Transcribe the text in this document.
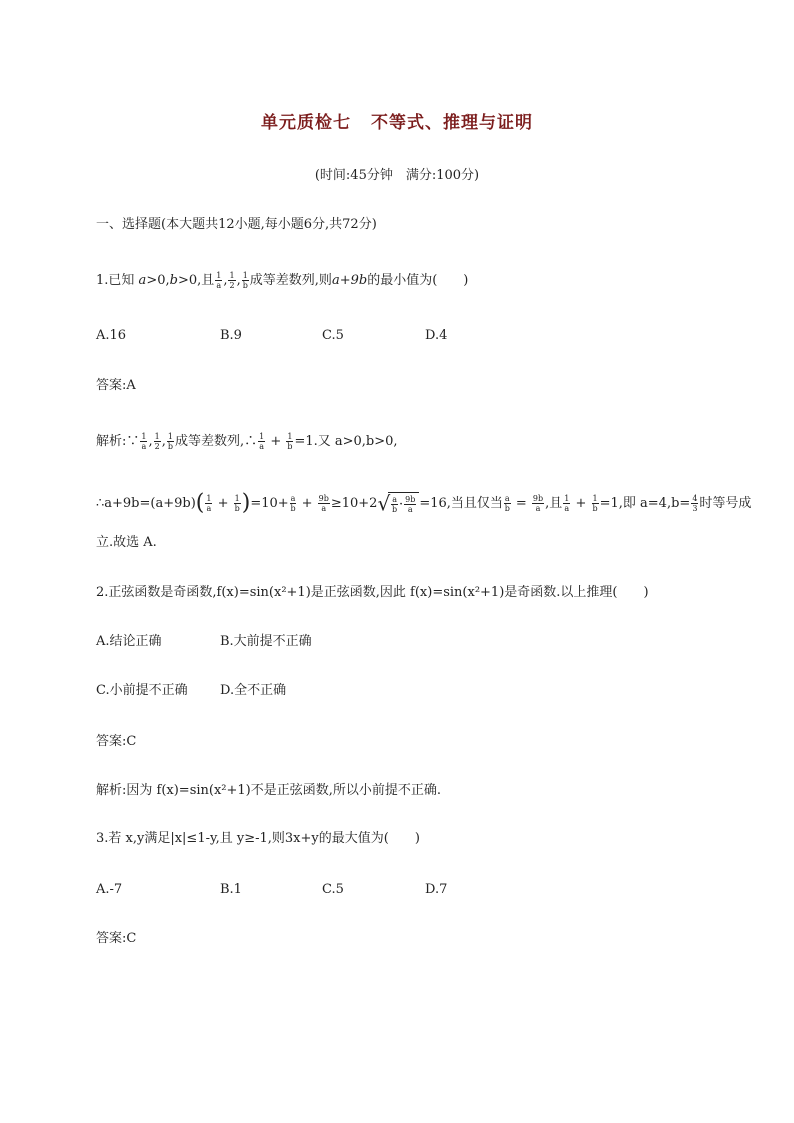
单元质检七 不等式、推理与证明
(时间:45分钟　满分:100分)
一、选择题(本大题共12小题,每小题6分,共72分)
1.已知 a>0,b>0,且 $\frac{1}{a}$ , $\frac{1}{2}$ , $\frac{1}{b}$ 成等差数列,则a+9b的最小值为(　　)
A.16	B.9	C.5	D.4
答案:A
解析:∵ $\frac{1}{a}$ , $\frac{1}{2}$ , $\frac{1}{b}$ 成等差数列,∴ $\frac{1}{a} + \frac{1}{b} =1$.又 a>0,b>0,
∴a+9b=(a+9b)( $\frac{1}{a} + \frac{1}{b} )=10+ \frac{a}{b} + \frac{9b}{a} \ge 10+2√ \frac{a}{b} \cdot \frac{9b}{a} =16$,当且仅当 $\frac{a}{b} = \frac{9b}{a}$ ,且 $\frac{1}{a} + \frac{1}{b} =1$,即 $a=4,b= \frac{4}{3}$ 时等号成
立.故选 A.
2.正弦函数是奇函数,f(x)=sin(x²+1)是正弦函数,因此 f(x)=sin(x²+1)是奇函数.以上推理(　　)
A.结论正确	B.大前提不正确
C.小前提不正确 D.全不正确
答案:C
解析:因为 f(x)=sin(x²+1)不是正弦函数,所以小前提不正确.
3.若 x,y满足|x|≤1-y,且 y≥-1,则3x+y的最大值为(　　)
A.-7	B.1	C.5	D.7
答案:C
